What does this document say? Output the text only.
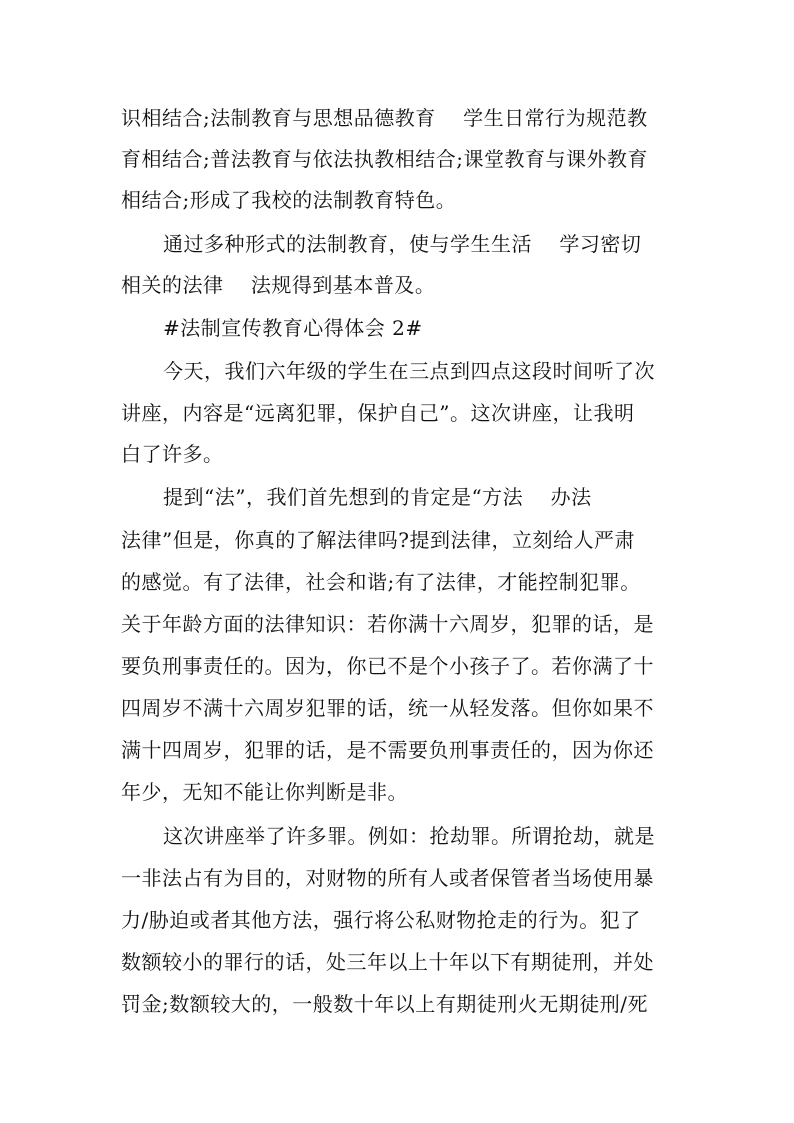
识相结合;法制教育与思想品德教育    学生日常行为规范教
育相结合;普法教育与依法执教相结合;课堂教育与课外教育
相结合;形成了我校的法制教育特色。
通过多种形式的法制教育，使与学生生活    学习密切
相关的法律    法规得到基本普及。
#法制宣传教育心得体会 2#
今天，我们六年级的学生在三点到四点这段时间听了次
讲座，内容是“远离犯罪，保护自己”。这次讲座，让我明
白了许多。
提到“法”，我们首先想到的肯定是“方法    办法
法律”但是，你真的了解法律吗?提到法律，立刻给人严肃
的感觉。有了法律，社会和谐;有了法律，才能控制犯罪。
关于年龄方面的法律知识：若你满十六周岁，犯罪的话，是
要负刑事责任的。因为，你已不是个小孩子了。若你满了十
四周岁不满十六周岁犯罪的话，统一从轻发落。但你如果不
满十四周岁，犯罪的话，是不需要负刑事责任的，因为你还
年少，无知不能让你判断是非。
这次讲座举了许多罪。例如：抢劫罪。所谓抢劫，就是
一非法占有为目的，对财物的所有人或者保管者当场使用暴
力/胁迫或者其他方法，强行将公私财物抢走的行为。犯了
数额较小的罪行的话，处三年以上十年以下有期徒刑，并处
罚金;数额较大的，一般数十年以上有期徒刑火无期徒刑/死
